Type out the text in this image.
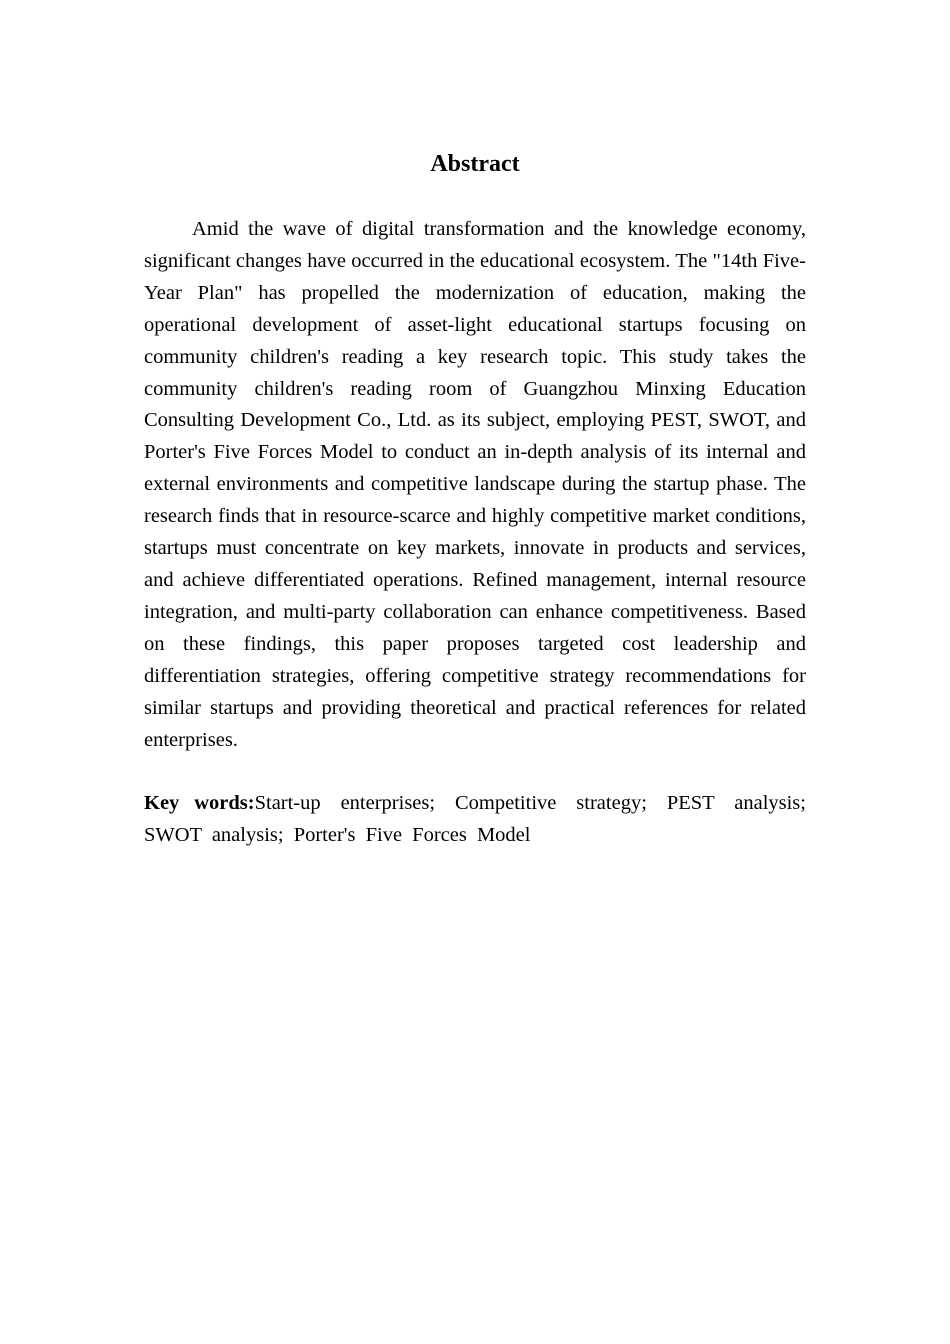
Abstract

Amid the wave of digital transformation and the knowledge economy, significant changes have occurred in the educational ecosystem. The "14th Five-Year Plan" has propelled the modernization of education, making the operational development of asset-light educational startups focusing on community children's reading a key research topic. This study takes the community children's reading room of Guangzhou Minxing Education Consulting Development Co., Ltd. as its subject, employing PEST, SWOT, and Porter's Five Forces Model to conduct an in-depth analysis of its internal and external environments and competitive landscape during the startup phase. The research finds that in resource-scarce and highly competitive market conditions, startups must concentrate on key markets, innovate in products and services, and achieve differentiated operations. Refined management, internal resource integration, and multi-party collaboration can enhance competitiveness. Based on these findings, this paper proposes targeted cost leadership and differentiation strategies, offering competitive strategy recommendations for similar startups and providing theoretical and practical references for related enterprises.

Key words:Start-up enterprises; Competitive strategy; PEST analysis; SWOT analysis; Porter's Five Forces Model
